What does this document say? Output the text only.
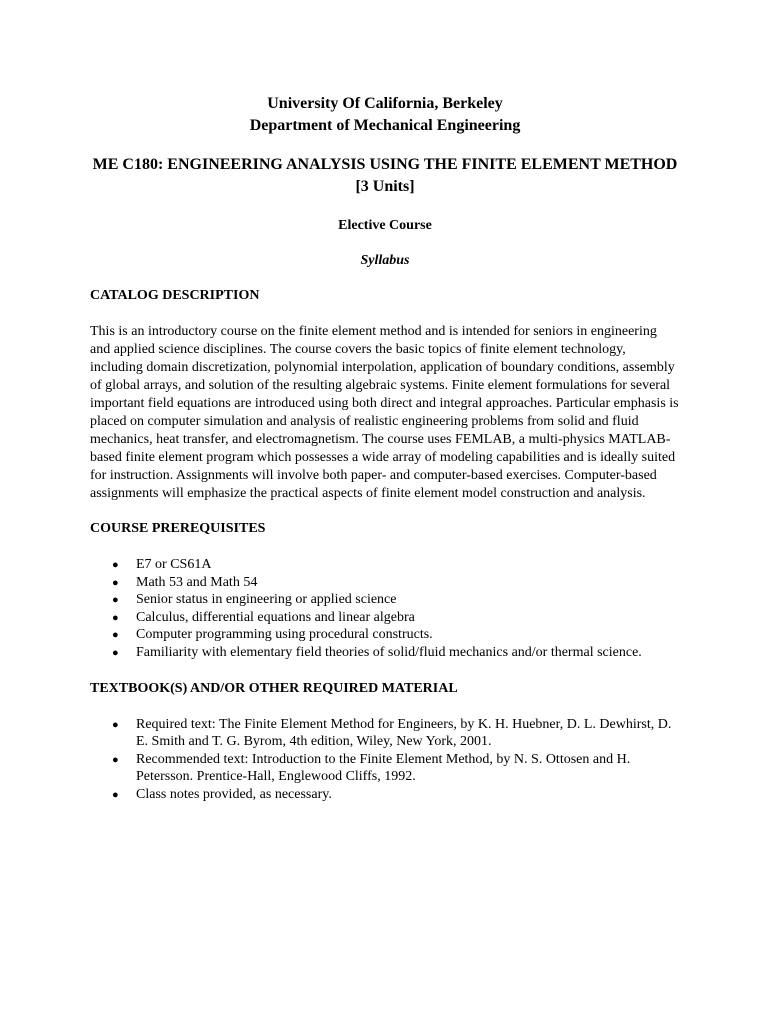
University Of California, Berkeley

Department of Mechanical Engineering

ME C180: ENGINEERING ANALYSIS USING THE FINITE ELEMENT METHOD [3 Units]

Elective Course

Syllabus

CATALOG DESCRIPTION

This is an introductory course on the finite element method and is intended for seniors in engineering and applied science disciplines. The course covers the basic topics of finite element technology, including domain discretization, polynomial interpolation, application of boundary conditions, assembly of global arrays, and solution of the resulting algebraic systems. Finite element formulations for several important field equations are introduced using both direct and integral approaches. Particular emphasis is placed on computer simulation and analysis of realistic engineering problems from solid and fluid mechanics, heat transfer, and electromagnetism. The course uses FEMLAB, a multi-physics MATLAB-based finite element program which possesses a wide array of modeling capabilities and is ideally suited for instruction. Assignments will involve both paper- and computer-based exercises. Computer-based assignments will emphasize the practical aspects of finite element model construction and analysis.

COURSE PREREQUISITES

● E7 or CS61A
● Math 53 and Math 54
● Senior status in engineering or applied science
● Calculus, differential equations and linear algebra
● Computer programming using procedural constructs.
● Familiarity with elementary field theories of solid/fluid mechanics and/or thermal science.

TEXTBOOK(S) AND/OR OTHER REQUIRED MATERIAL

● Required text: The Finite Element Method for Engineers, by K. H. Huebner, D. L. Dewhirst, D. E. Smith and T. G. Byrom, 4th edition, Wiley, New York, 2001.
● Recommended text: Introduction to the Finite Element Method, by N. S. Ottosen and H. Petersson. Prentice-Hall, Englewood Cliffs, 1992.
● Class notes provided, as necessary.
